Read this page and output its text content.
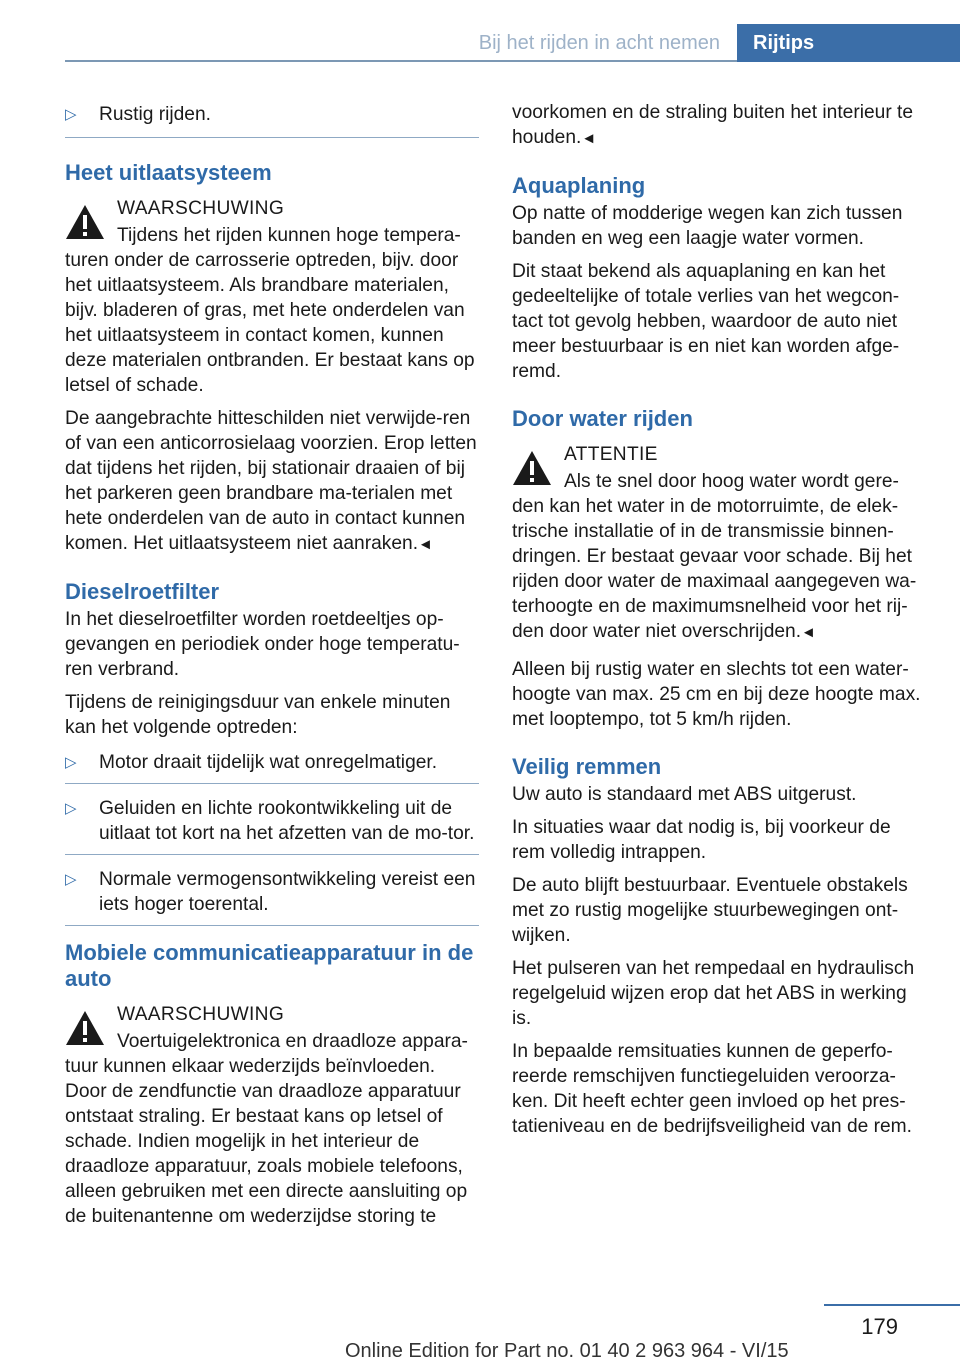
Bij het rijden in acht nemen	Rijtips
▷	Rustig rijden.
Heet uitlaatsysteem
WAARSCHUWING

Tijdens het rijden kunnen hoge tempera-turen onder de carrosserie optreden, bijv. door het uitlaatsysteem. Als brandbare materialen, bijv. bladeren of gras, met hete onderdelen van het uitlaatsysteem in contact komen, kunnen deze materialen ontbranden. Er bestaat kans op letsel of schade.

De aangebrachte hitteschilden niet verwijde-ren of van een anticorrosielaag voorzien. Erop letten dat tijdens het rijden, bij stationair draaien of bij het parkeren geen brandbare ma-terialen met hete onderdelen van de auto in contact kunnen komen. Het uitlaatsysteem niet aanraken.◄

Dieselroetfilter

In het dieselroetfilter worden roetdeeltjes op-gevangen en periodiek onder hoge temperatu-ren verbrand.

Tijdens de reinigingsduur van enkele minuten kan het volgende optreden:

▷	Motor draait tijdelijk wat onregelmatiger.
▷	Geluiden en lichte rookontwikkeling uit de uitlaat tot kort na het afzetten van de mo-tor.
▷	Normale vermogensontwikkeling vereist een iets hoger toerental.
Mobiele communicatieapparatuur in de auto
WAARSCHUWING

Voertuigelektronica en draadloze appara-tuur kunnen elkaar wederzijds beïnvloeden. Door de zendfunctie van draadloze apparatuur ontstaat straling. Er bestaat kans op letsel of schade. Indien mogelijk in het interieur de draadloze apparatuur, zoals mobiele telefoons, alleen gebruiken met een directe aansluiting op de buitenantenne om wederzijdse storing te

voorkomen en de straling buiten het interieur te houden.◄

Aquaplaning

Op natte of modderige wegen kan zich tussen banden en weg een laagje water vormen.

Dit staat bekend als aquaplaning en kan het gedeeltelijke of totale verlies van het wegcon-tact tot gevolg hebben, waardoor de auto niet meer bestuurbaar is en niet kan worden afge-remd.

Door water rijden
ATTENTIE

Als te snel door hoog water wordt gere-den kan het water in de motorruimte, de elek-trische installatie of in de transmissie binnen-dringen. Er bestaat gevaar voor schade. Bij het rijden door water de maximaal aangegeven wa-terhoogte en de maximumsnelheid voor het rij-den door water niet overschrijden.◄

Alleen bij rustig water en slechts tot een water-hoogte van max. 25 cm en bij deze hoogte max. met looptempo, tot 5 km/h rijden.

Veilig remmen

Uw auto is standaard met ABS uitgerust.

In situaties waar dat nodig is, bij voorkeur de rem volledig intrappen.

De auto blijft bestuurbaar. Eventuele obstakels met zo rustig mogelijke stuurbewegingen ont-wijken.

Het pulseren van het rempedaal en hydraulisch regelgeluid wijzen erop dat het ABS in werking is.

In bepaalde remsituaties kunnen de geperfo-reerde remschijven functiegeluiden veroorza-ken. Dit heeft echter geen invloed op het pres-tatieniveau en de bedrijfsveiligheid van de rem.

179
Online Edition for Part no. 01 40 2 963 964 - VI/15
